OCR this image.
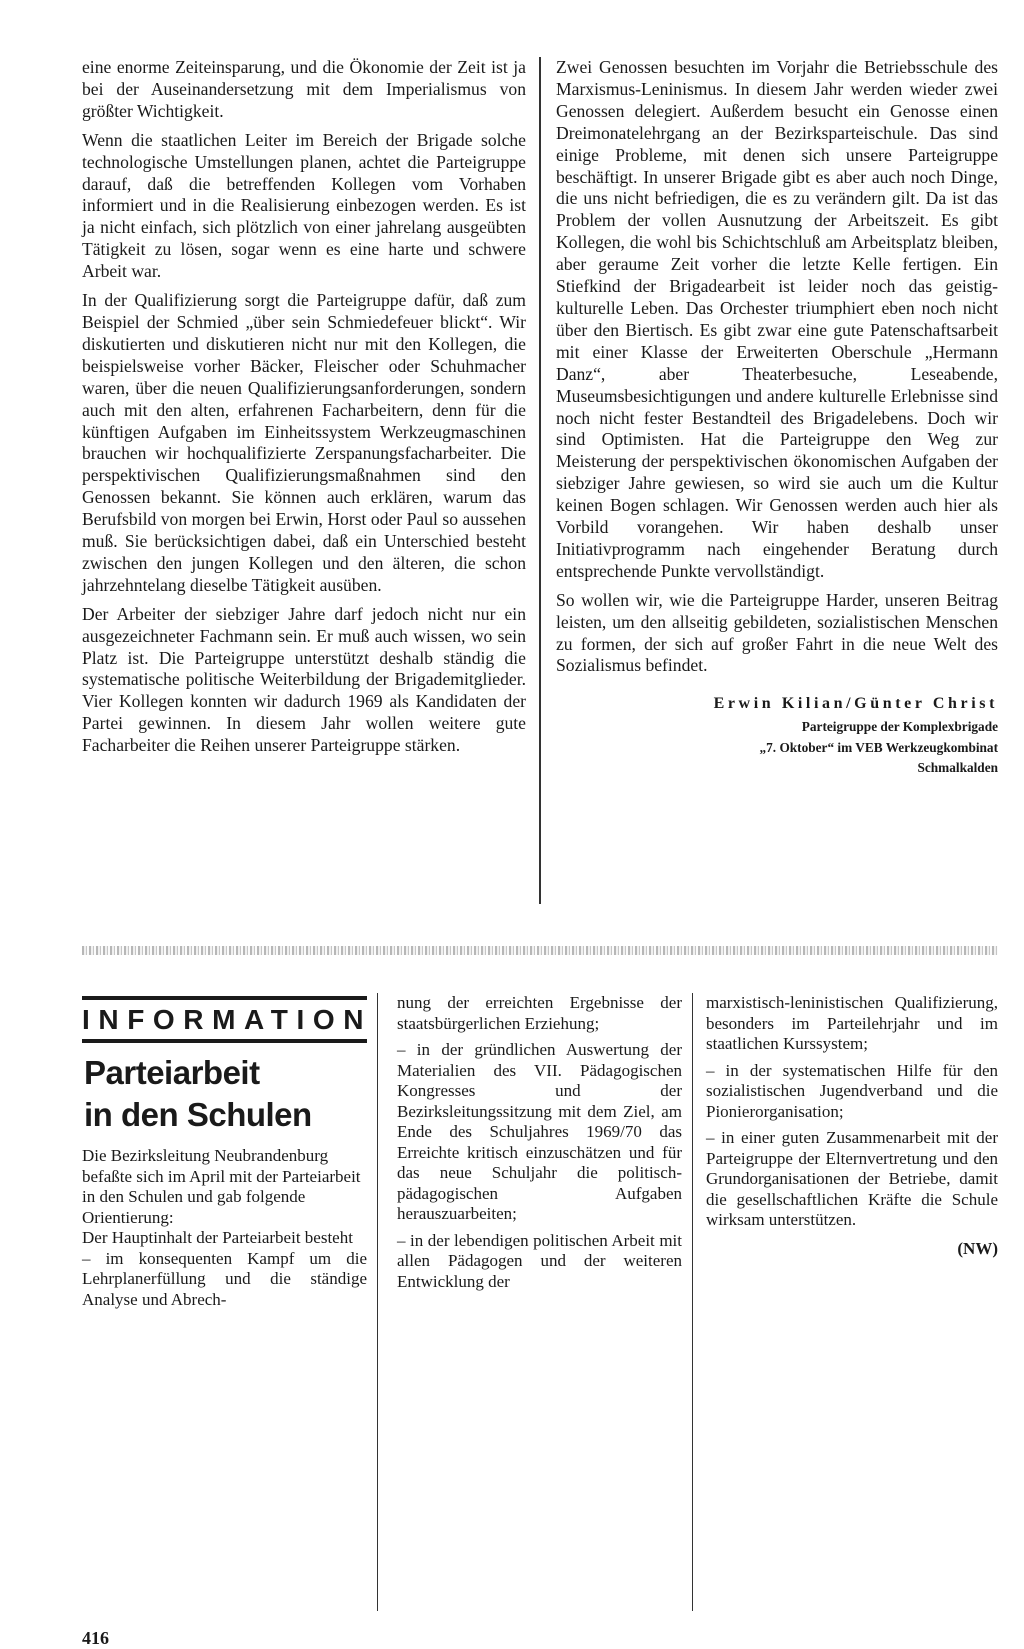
eine enorme Zeiteinsparung, und die Ökonomie der Zeit ist ja bei der Auseinandersetzung mit dem Imperialismus von größter Wichtigkeit.

Wenn die staatlichen Leiter im Bereich der Brigade solche technologische Umstellungen planen, achtet die Parteigruppe darauf, daß die betreffenden Kollegen vom Vorhaben informiert und in die Realisierung einbezogen werden. Es ist ja nicht einfach, sich plötzlich von einer jahrelang ausgeübten Tätigkeit zu lösen, sogar wenn es eine harte und schwere Arbeit war.

In der Qualifizierung sorgt die Parteigruppe dafür, daß zum Beispiel der Schmied „über sein Schmiedefeuer blickt“. Wir diskutierten und diskutieren nicht nur mit den Kollegen, die beispielsweise vorher Bäcker, Fleischer oder Schuhmacher waren, über die neuen Qualifizierungsanforderungen, sondern auch mit den alten, erfahrenen Facharbeitern, denn für die künftigen Aufgaben im Einheitssystem Werkzeugmaschinen brauchen wir hochqualifizierte Zerspanungsfacharbeiter. Die perspektivischen Qualifizierungsmaßnahmen sind den Genossen bekannt. Sie können auch erklären, warum das Berufsbild von morgen bei Erwin, Horst oder Paul so aussehen muß. Sie berücksichtigen dabei, daß ein Unterschied besteht zwischen den jungen Kollegen und den älteren, die schon jahrzehntelang dieselbe Tätigkeit ausüben.

Der Arbeiter der siebziger Jahre darf jedoch nicht nur ein ausgezeichneter Fachmann sein. Er muß auch wissen, wo sein Platz ist. Die Parteigruppe unterstützt deshalb ständig die systematische politische Weiterbildung der Brigademitglieder. Vier Kollegen konnten wir dadurch 1969 als Kandidaten der Partei gewinnen. In diesem Jahr wollen weitere gute Facharbeiter die Reihen unserer Parteigruppe stärken.

Zwei Genossen besuchten im Vorjahr die Betriebsschule des Marxismus-Leninismus. In diesem Jahr werden wieder zwei Genossen delegiert. Außerdem besucht ein Genosse einen Dreimonatelehrgang an der Bezirksparteischule. Das sind einige Probleme, mit denen sich unsere Parteigruppe beschäftigt. In unserer Brigade gibt es aber auch noch Dinge, die uns nicht befriedigen, die es zu verändern gilt. Da ist das Problem der vollen Ausnutzung der Arbeitszeit. Es gibt Kollegen, die wohl bis Schichtschluß am Arbeitsplatz bleiben, aber geraume Zeit vorher die letzte Kelle fertigen. Ein Stiefkind der Brigadearbeit ist leider noch das geistig-kulturelle Leben. Das Orchester triumphiert eben noch nicht über den Biertisch. Es gibt zwar eine gute Patenschaftsarbeit mit einer Klasse der Erweiterten Oberschule „Hermann Danz“, aber Theaterbesuche, Leseabende, Museumsbesichtigungen und andere kulturelle Erlebnisse sind noch nicht fester Bestandteil des Brigadelebens. Doch wir sind Optimisten. Hat die Parteigruppe den Weg zur Meisterung der perspektivischen ökonomischen Aufgaben der siebziger Jahre gewiesen, so wird sie auch um die Kultur keinen Bogen schlagen. Wir Genossen werden auch hier als Vorbild vorangehen. Wir haben deshalb unser Initiativprogramm nach eingehender Beratung durch entsprechende Punkte vervollständigt.

So wollen wir, wie die Parteigruppe Harder, unseren Beitrag leisten, um den allseitig gebildeten, sozialistischen Menschen zu formen, der sich auf großer Fahrt in die neue Welt des Sozialismus befindet.

Erwin Kilian/Günter Christ
Parteigruppe der Komplexbrigade
„7. Oktober“ im VEB Werkzeugkombinat
Schmalkalden
INFORMATION
Parteiarbeit
in den Schulen

Die Bezirksleitung Neubrandenburg befaßte sich im April mit der Parteiarbeit in den Schulen und gab folgende Orientierung:

Der Hauptinhalt der Parteiarbeit besteht

– im konsequenten Kampf um die Lehrplanerfüllung und die ständige Analyse und Abrech-

nung der erreichten Ergebnisse der staatsbürgerlichen Erziehung;

– in der gründlichen Auswertung der Materialien des VII. Pädagogischen Kongresses und der Bezirksleitungssitzung mit dem Ziel, am Ende des Schuljahres 1969/70 das Erreichte kritisch einzuschätzen und für das neue Schuljahr die politisch-pädagogischen Aufgaben herauszuarbeiten;

– in der lebendigen politischen Arbeit mit allen Pädagogen und der weiteren Entwicklung der

marxistisch-leninistischen Qualifizierung, besonders im Parteilehrjahr und im staatlichen Kurssystem;

– in der systematischen Hilfe für den sozialistischen Jugendverband und die Pionierorganisation;

– in einer guten Zusammenarbeit mit der Parteigruppe der Elternvertretung und den Grundorganisationen der Betriebe, damit die gesellschaftlichen Kräfte die Schule wirksam unterstützen.

(NW)
416
